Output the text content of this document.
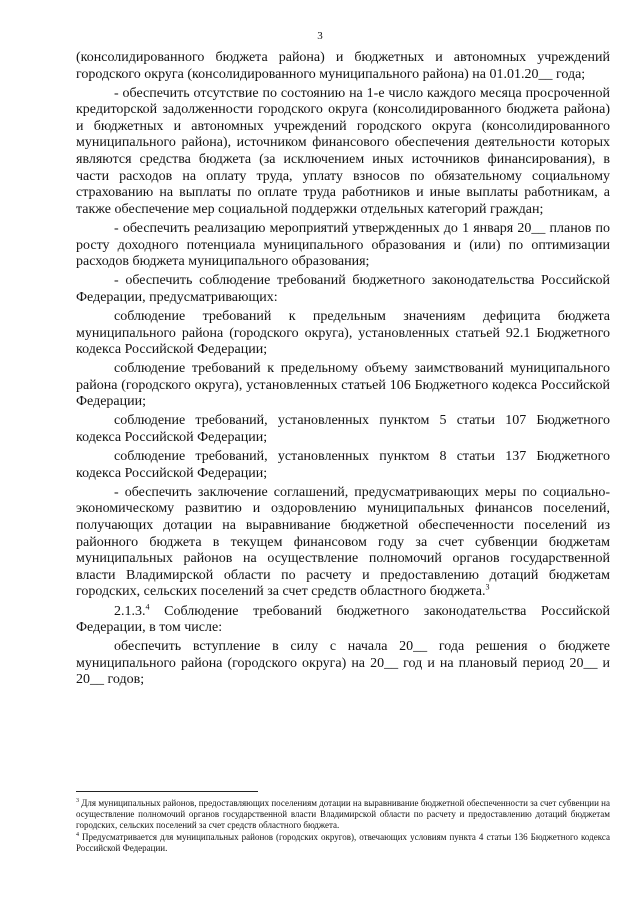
3

(консолидированного бюджета района) и бюджетных и автономных учреждений городского округа (консолидированного муниципального района) на 01.01.20__ года;

- обеспечить отсутствие по состоянию на 1-е число каждого месяца просроченной кредиторской задолженности городского округа (консолидированного бюджета района) и бюджетных и автономных учреждений городского округа (консолидированного муниципального района), источником финансового обеспечения деятельности которых являются средства бюджета (за исключением иных источников финансирования), в части расходов на оплату труда, уплату взносов по обязательному социальному страхованию на выплаты по оплате труда работников и иные выплаты работникам, а также обеспечение мер социальной поддержки отдельных категорий граждан;

- обеспечить реализацию мероприятий утвержденных до 1 января 20__ планов по росту доходного потенциала муниципального образования и (или) по оптимизации расходов бюджета муниципального образования;

- обеспечить соблюдение требований бюджетного законодательства Российской Федерации, предусматривающих:

соблюдение требований к предельным значениям дефицита бюджета муниципального района (городского округа), установленных статьей 92.1 Бюджетного кодекса Российской Федерации;

соблюдение требований к предельному объему заимствований муниципального района (городского округа), установленных статьей 106 Бюджетного кодекса Российской Федерации;

соблюдение требований, установленных пунктом 5 статьи 107 Бюджетного кодекса Российской Федерации;

соблюдение требований, установленных пунктом 8 статьи 137 Бюджетного кодекса Российской Федерации;

- обеспечить заключение соглашений, предусматривающих меры по социально-экономическому развитию и оздоровлению муниципальных финансов поселений, получающих дотации на выравнивание бюджетной обеспеченности поселений из районного бюджета в текущем финансовом году за счет субвенции бюджетам муниципальных районов на осуществление полномочий органов государственной власти Владимирской области по расчету и предоставлению дотаций бюджетам городских, сельских поселений за счет средств областного бюджета.$^3$

2.1.3.$^4$ Соблюдение требований бюджетного законодательства Российской Федерации, в том числе:

обеспечить вступление в силу с начала 20__ года решения о бюджете муниципального района (городского округа) на 20__ год и на плановый период 20__ и 20__ годов;

$^3$ Для муниципальных районов, предоставляющих поселениям дотации на выравнивание бюджетной обеспеченности за счет субвенции на осуществление полномочий органов государственной власти Владимирской области по расчету и предоставлению дотаций бюджетам городских, сельских поселений за счет средств областного бюджета.

$^4$ Предусматривается для муниципальных районов (городских округов), отвечающих условиям пункта 4 статьи 136 Бюджетного кодекса Российской Федерации.
